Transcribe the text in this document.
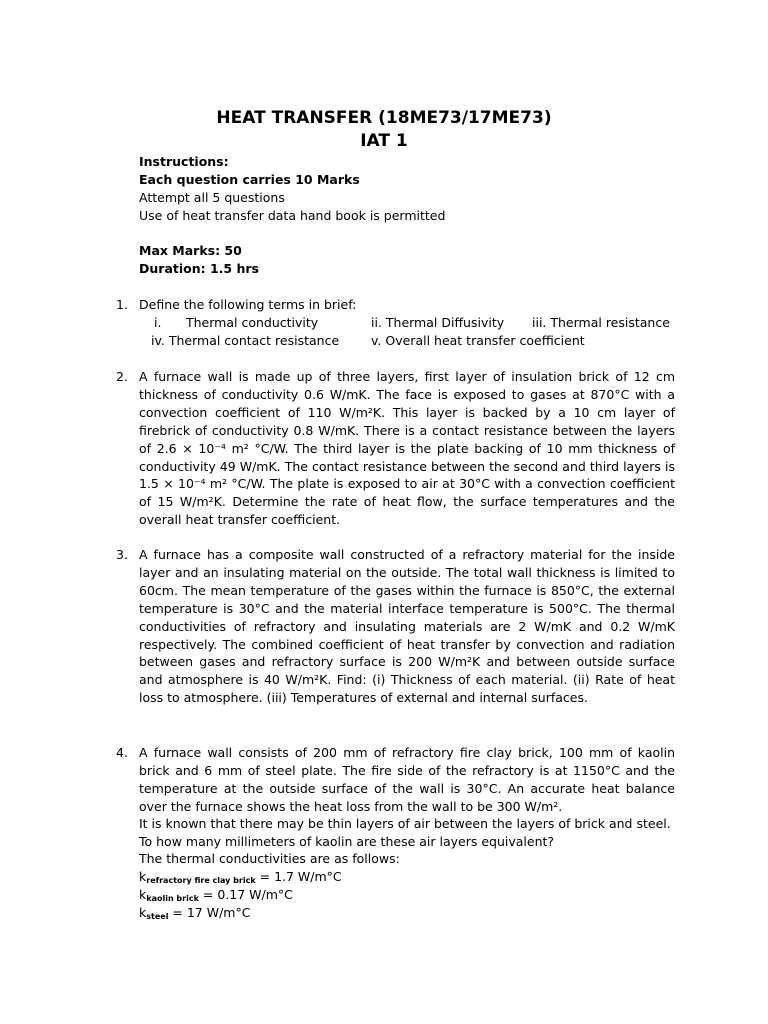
HEAT TRANSFER (18ME73/17ME73)
IAT 1
Instructions:
Each question carries 10 Marks
Attempt all 5 questions
Use of heat transfer data hand book is permitted
Max Marks: 50
Duration: 1.5 hrs
1. Define the following terms in brief:
i. Thermal conductivity	ii. Thermal Diffusivity iii. Thermal resistance
iv. Thermal contact resistance	v. Overall heat transfer coefficient
2. A furnace wall is made up of three layers, first layer of insulation brick of 12 cm thickness of conductivity 0.6 W/mK. The face is exposed to gases at 870°C with a convection coefficient of 110 W/m²K. This layer is backed by a 10 cm layer of firebrick of conductivity 0.8 W/mK. There is a contact resistance between the layers of 2.6 × 10⁻⁴ m² °C/W. The third layer is the plate backing of 10 mm thickness of conductivity 49 W/mK. The contact resistance between the second and third layers is 1.5 × 10⁻⁴ m² °C/W. The plate is exposed to air at 30°C with a convection coefficient of 15 W/m²K. Determine the rate of heat flow, the surface temperatures and the overall heat transfer coefficient.
3. A furnace has a composite wall constructed of a refractory material for the inside layer and an insulating material on the outside. The total wall thickness is limited to 60cm. The mean temperature of the gases within the furnace is 850°C, the external temperature is 30°C and the material interface temperature is 500°C. The thermal conductivities of refractory and insulating materials are 2 W/mK and 0.2 W/mK respectively. The combined coefficient of heat transfer by convection and radiation between gases and refractory surface is 200 W/m²K and between outside surface and atmosphere is 40 W/m²K. Find: (i) Thickness of each material. (ii) Rate of heat loss to atmosphere. (iii) Temperatures of external and internal surfaces.
4. A furnace wall consists of 200 mm of refractory fire clay brick, 100 mm of kaolin brick and 6 mm of steel plate. The fire side of the refractory is at 1150°C and the temperature at the outside surface of the wall is 30°C. An accurate heat balance over the furnace shows the heat loss from the wall to be 300 W/m².
It is known that there may be thin layers of air between the layers of brick and steel.
To how many millimeters of kaolin are these air layers equivalent?
The thermal conductivities are as follows:
$k_{refractory fire clay brick} = 1.7$ W/m°C
$k_{kaolin brick} = 0.17$ W/m°C
$k_{steel} = 17$ W/m°C
